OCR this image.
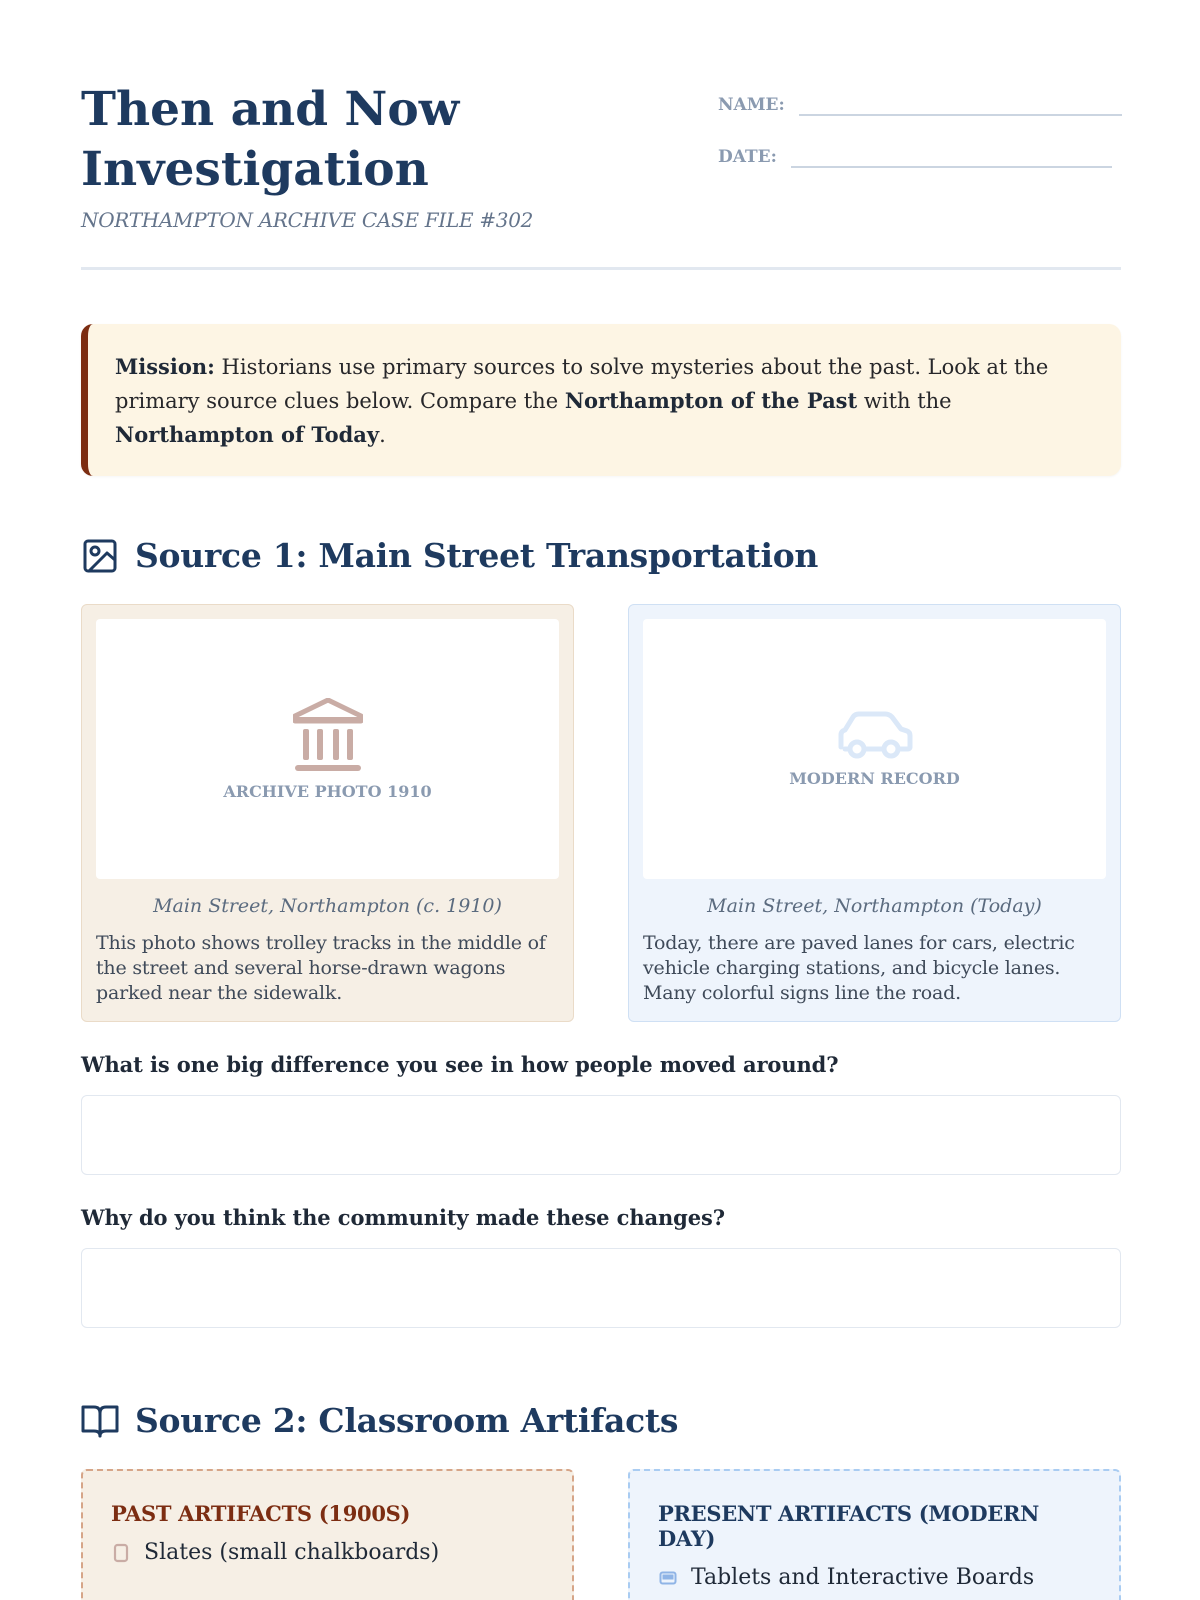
Then and Now Investigation
NORTHAMPTON ARCHIVE CASE FILE #302
NAME:
DATE:
Mission: Historians use primary sources to solve mysteries about the past. Look at the primary source clues below. Compare the Northampton of the Past with the Northampton of Today.
Source 1: Main Street Transportation
ARCHIVE PHOTO 1910
Main Street, Northampton (c. 1910)
This photo shows trolley tracks in the middle of the street and several horse-drawn wagons parked near the sidewalk.
MODERN RECORD
Main Street, Northampton (Today)
Today, there are paved lanes for cars, electric vehicle charging stations, and bicycle lanes. Many colorful signs line the road.
What is one big difference you see in how people moved around?
Why do you think the community made these changes?
Source 2: Classroom Artifacts
PAST ARTIFACTS (1900S)
Slates (small chalkboards)
PRESENT ARTIFACTS (MODERN DAY)
Tablets and Interactive Boards
